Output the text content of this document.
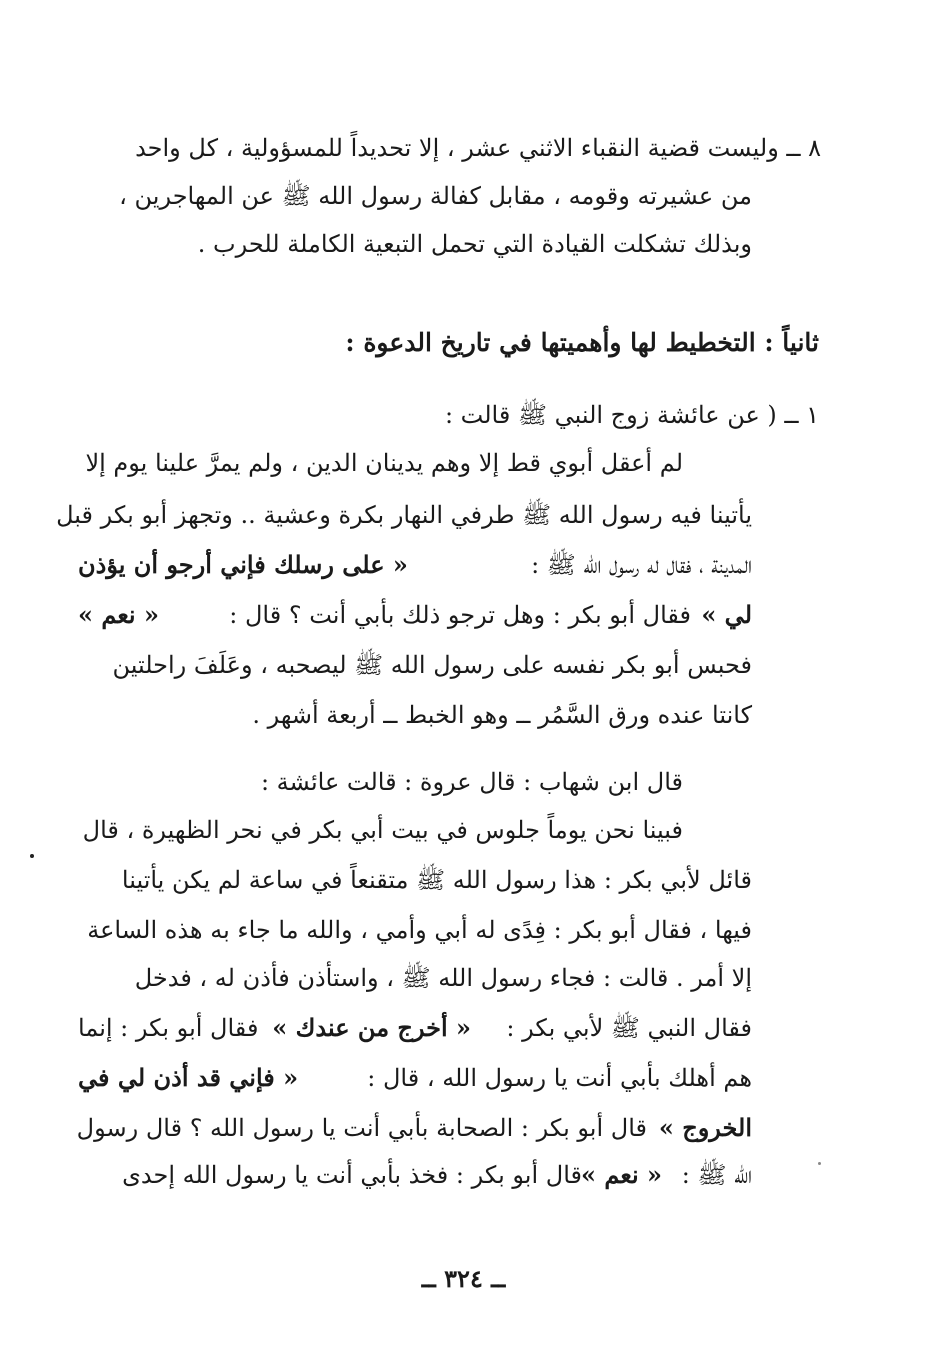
٨ ــ وليست قضية النقباء الاثني عشر ، إلا تحديداً للمسؤولية ، كل واحد
من عشيرته وقومه ، مقابل كفالة رسول الله ﷺ عن المهاجرين ،
وبذلك تشكلت القيادة التي تحمل التبعية الكاملة للحرب .
ثانياً : التخطيط لها وأهميتها في تاريخ الدعوة :
١ ــ ( عن عائشة زوج النبي ﷺ قالت :
لم أعقل أبوي قط إلا وهم يدينان الدين ، ولم يمرَّ علينا يوم إلا
يأتينا فيه رسول الله ﷺ طرفي النهار بكرة وعشية .. وتجهز أبو بكر قبل
المدينة ، فقال له رسول الله ﷺ :
« على رسلك فإني أرجو أن يؤذن
لي »
فقال أبو بكر : وهل ترجو ذلك بأبي أنت ؟ قال :
« نعم »
فحبس أبو بكر نفسه على رسول الله ﷺ ليصحبه ، وعَلَفَ راحلتين
كانتا عنده ورق السَّمُر ــ وهو الخبط ــ أربعة أشهر .
قال ابن شهاب : قال عروة : قالت عائشة :
فبينا نحن يوماً جلوس في بيت أبي بكر في نحر الظهيرة ، قال
قائل لأبي بكر : هذا رسول الله ﷺ متقنعاً في ساعة لم يكن يأتينا
فيها ، فقال أبو بكر : فِدًى له أبي وأمي ، والله ما جاء به هذه الساعة
إلا أمر . قالت : فجاء رسول الله ﷺ ، واستأذن فأذن له ، فدخل
فقال النبي ﷺ لأبي بكر :
« أخرج من عندك »
فقال أبو بكر : إنما
هم أهلك بأبي أنت يا رسول الله ، قال :
« فإني قد أذن لي في
الخروج »
قال أبو بكر : الصحابة بأبي أنت يا رسول الله ؟ قال رسول
الله ﷺ :
« نعم »
قال أبو بكر : فخذ بأبي أنت يا رسول الله إحدى
ــ ٣٢٤ ــ
